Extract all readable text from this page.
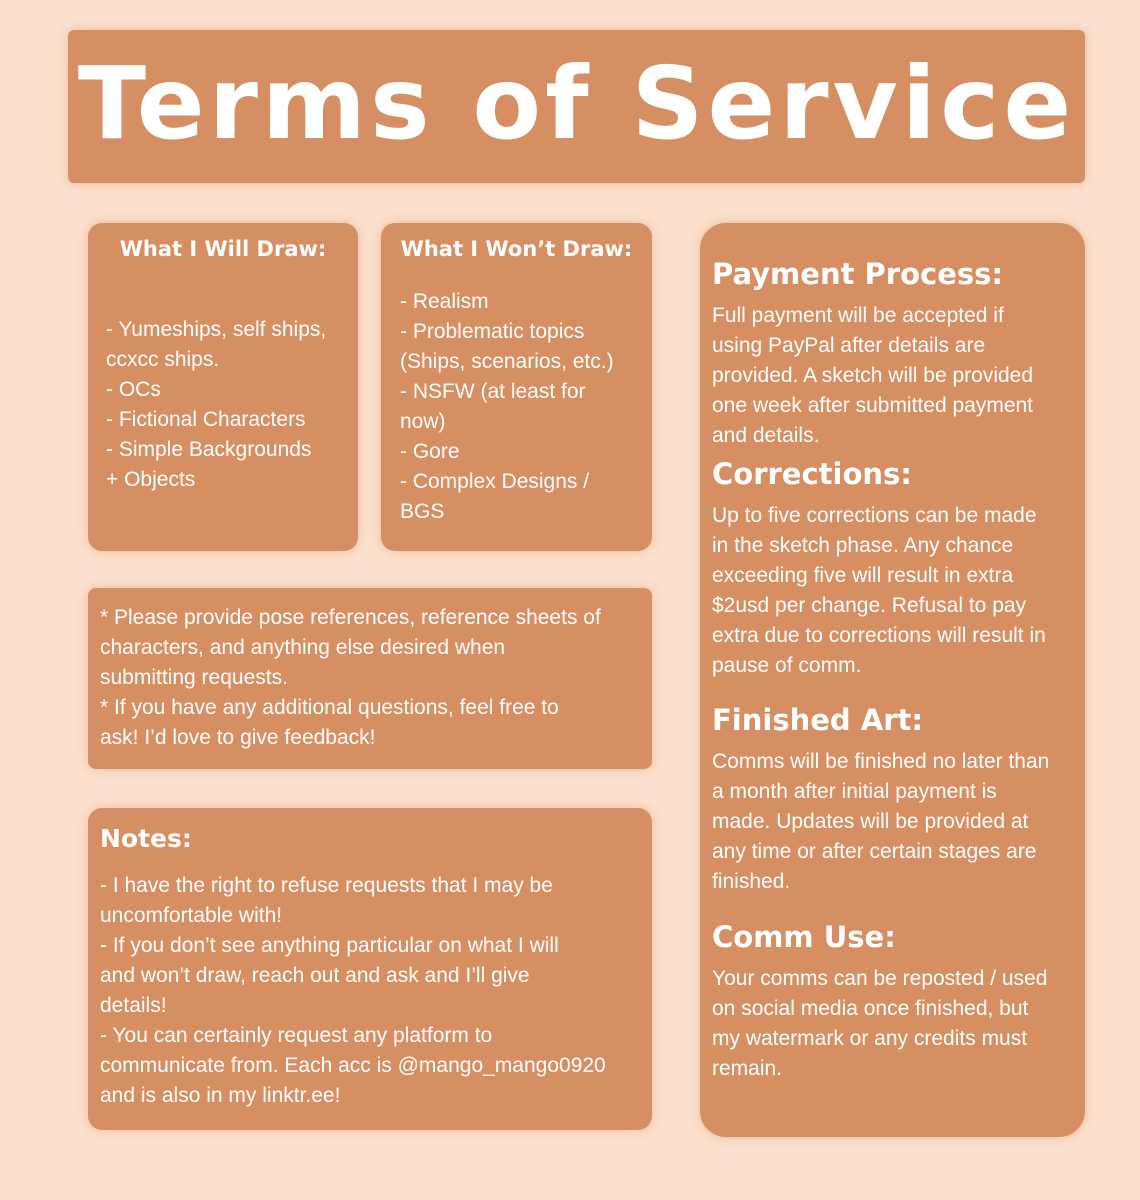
Terms of Service
What I Will Draw:
- Yumeships, self ships,
ccxcc ships.
- OCs
- Fictional Characters
- Simple Backgrounds
+ Objects
What I Won’t Draw:
- Realism
- Problematic topics
(Ships, scenarios, etc.)
- NSFW (at least for
now)
- Gore
- Complex Designs /
BGS
* Please provide pose references, reference sheets of
characters, and anything else desired when
submitting requests.
* If you have any additional questions, feel free to
ask! I’d love to give feedback!
Notes:
- I have the right to refuse requests that I may be
uncomfortable with!
- If you don’t see anything particular on what I will
and won’t draw, reach out and ask and I’ll give
details!
- You can certainly request any platform to
communicate from. Each acc is @mango_mango0920
and is also in my linktr.ee!
Payment Process:
Full payment will be accepted if
using PayPal after details are
provided. A sketch will be provided
one week after submitted payment
and details.
Corrections:
Up to five corrections can be made
in the sketch phase. Any chance
exceeding five will result in extra
$2usd per change. Refusal to pay
extra due to corrections will result in
pause of comm.
Finished Art:
Comms will be finished no later than
a month after initial payment is
made. Updates will be provided at
any time or after certain stages are
finished.
Comm Use:
Your comms can be reposted / used
on social media once finished, but
my watermark or any credits must
remain.
